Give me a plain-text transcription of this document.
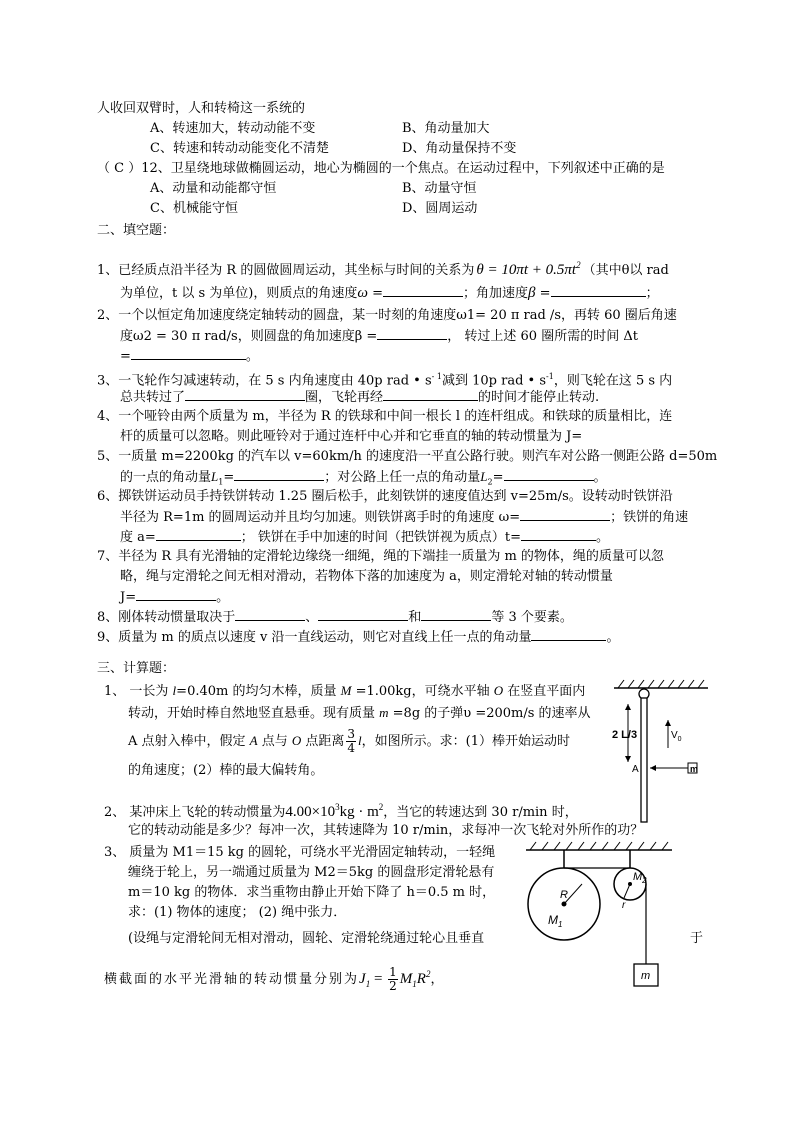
人收回双臂时，人和转椅这一系统的
A、转速加大，转动动能不变	B、角动量加大
C、转速和转动动能变化不清楚	D、角动量保持不变
（ C ）12、卫星绕地球做椭圆运动，地心为椭圆的一个焦点。在运动过程中，下列叙述中正确的是
A、动量和动能都守恒	B、动量守恒
C、机械能守恒	D、圆周运动
二、填空题：
1、已经质点沿半径为 R 的圆做圆周运动，其坐标与时间的关系为 $\theta = 10\pi t + 0.5\pi t^2$ （其中θ以 rad
为单位，t 以 s 为单位)，则质点的角速度ω =	；角加速度β =	；
2、一个以恒定角加速度绕定轴转动的圆盘，某一时刻的角速度ω1= 20 π rad /s，再转 60 圈后角速
度ω2 = 30 π rad/s，则圆盘的角加速度β =	， 转过上述 60 圈所需的时间 Δt
=	。
3、一飞轮作匀减速转动，在 5 s 内角速度由 40p rad • $s^{- 1}$减到 10p rad • $s^{-1}$，则飞轮在这 5 s 内
总共转过了	圈，飞轮再经	的时间才能停止转动.
4、一个哑铃由两个质量为 m，半径为 R 的铁球和中间一根长 l 的连杆组成。和铁球的质量相比，连
杆的质量可以忽略。则此哑铃对于通过连杆中心并和它垂直的轴的转动惯量为 J=
5、一质量 m=2200kg 的汽车以 v=60km/h 的速度沿一平直公路行驶。则汽车对公路一侧距公路 d=50m
的一点的角动量$L_1=$	；对公路上任一点的角动量$L_2=$	。
6、掷铁饼运动员手持铁饼转动 1.25 圈后松手，此刻铁饼的速度值达到 v=25m/s。设转动时铁饼沿
半径为 R=1m 的圆周运动并且均匀加速。则铁饼离手时的角速度 ω=	；铁饼的角速
度 a=	； 铁饼在手中加速的时间（把铁饼视为质点）t=	。
7、半径为 R 具有光滑轴的定滑轮边缘绕一细绳，绳的下端挂一质量为 m 的物体，绳的质量可以忽
略，绳与定滑轮之间无相对滑动，若物体下落的加速度为 a，则定滑轮对轴的转动惯量
J=	。
8、刚体转动惯量取决于	、	和	等 3 个要素。
9、质量为 m 的质点以速度 v 沿一直线运动，则它对直线上任一点的角动量	。
三、计算题：
1、 一长为 l=0.40m 的均匀木棒，质量 M =1.00kg，可绕水平轴 O 在竖直平面内
转动，开始时棒自然地竖直悬垂。现有质量 m =8g 的子弹υ =200m/s 的速率从
A 点射入棒中，假定 A 点与 O 点距离 $\frac{3}{4}$ l，如图所示。求：(1）棒开始运动时
的角速度；(2）棒的最大偏转角。
2 L/3
A
$V_0$
m
2、 某冲床上飞轮的转动惯量为$4.00\times 10^3kg \cdot m^2$，当它的转速达到 30 r/min 时，
它的转动动能是多少？每冲一次，其转速降为 10 r/min，求每冲一次飞轮对外所作的功？
3、 质量为 M1＝15 kg 的圆轮，可绕水平光滑固定轴转动，一轻绳
缠绕于轮上，另一端通过质量为 M2＝5kg 的圆盘形定滑轮悬有
m＝10 kg 的物体．求当重物由静止开始下降了 h＝0.5 m 时，
求：(1) 物体的速度； (2) 绳中张力．
(设绳与定滑轮间无相对滑动，圆轮、定滑轮绕通过轮心且垂直	于
横截面的水平光滑轴的转动惯量分别为$J_1 = \frac{1}{2} M_1R^2$，
R
$M_1$
$M_2$
r
m
